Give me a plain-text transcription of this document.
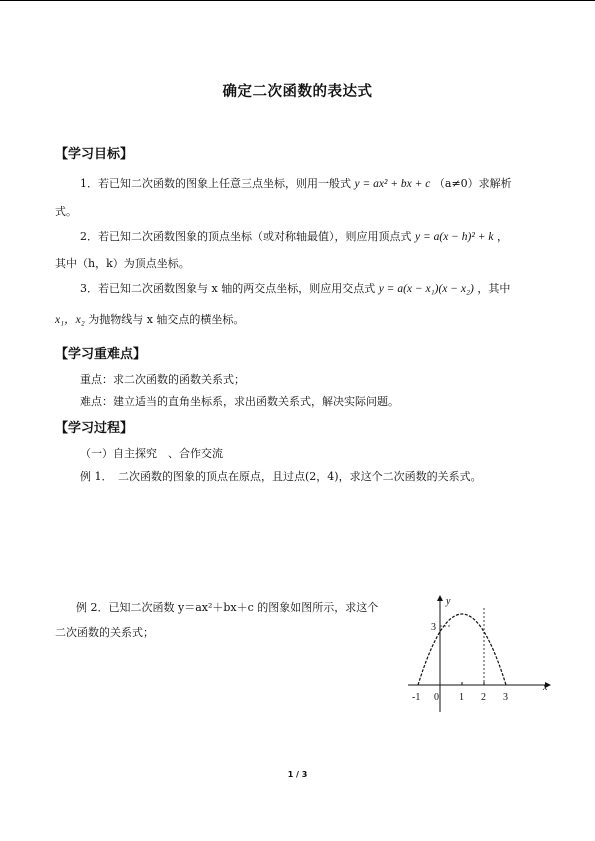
确定二次函数的表达式
【学习目标】
1．若已知二次函数的图象上任意三点坐标，则用一般式 y = ax² + bx + c （a≠0）求解析
式。
2．若已知二次函数图象的顶点坐标（或对称轴最值），则应用顶点式 y = a(x − h)² + k ，
其中（h，k）为顶点坐标。
3．若已知二次函数图象与 x 轴的两交点坐标，则应用交点式 y = a(x − x₁)(x − x₂) ，其中
x₁，x₂ 为抛物线与 x 轴交点的横坐标。
【学习重难点】
重点：求二次函数的函数关系式；
难点：建立适当的直角坐标系，求出函数关系式，解决实际问题。
【学习过程】
（一）自主探究　、合作交流
例 1．　二次函数的图象的顶点在原点，且过点(2，4)，求这个二次函数的关系式。
例 2．已知二次函数 y＝ax²＋bx＋c 的图象如图所示，求这个
二次函数的关系式；
y
x
3
0
-1	1 2 3
1 / 3
